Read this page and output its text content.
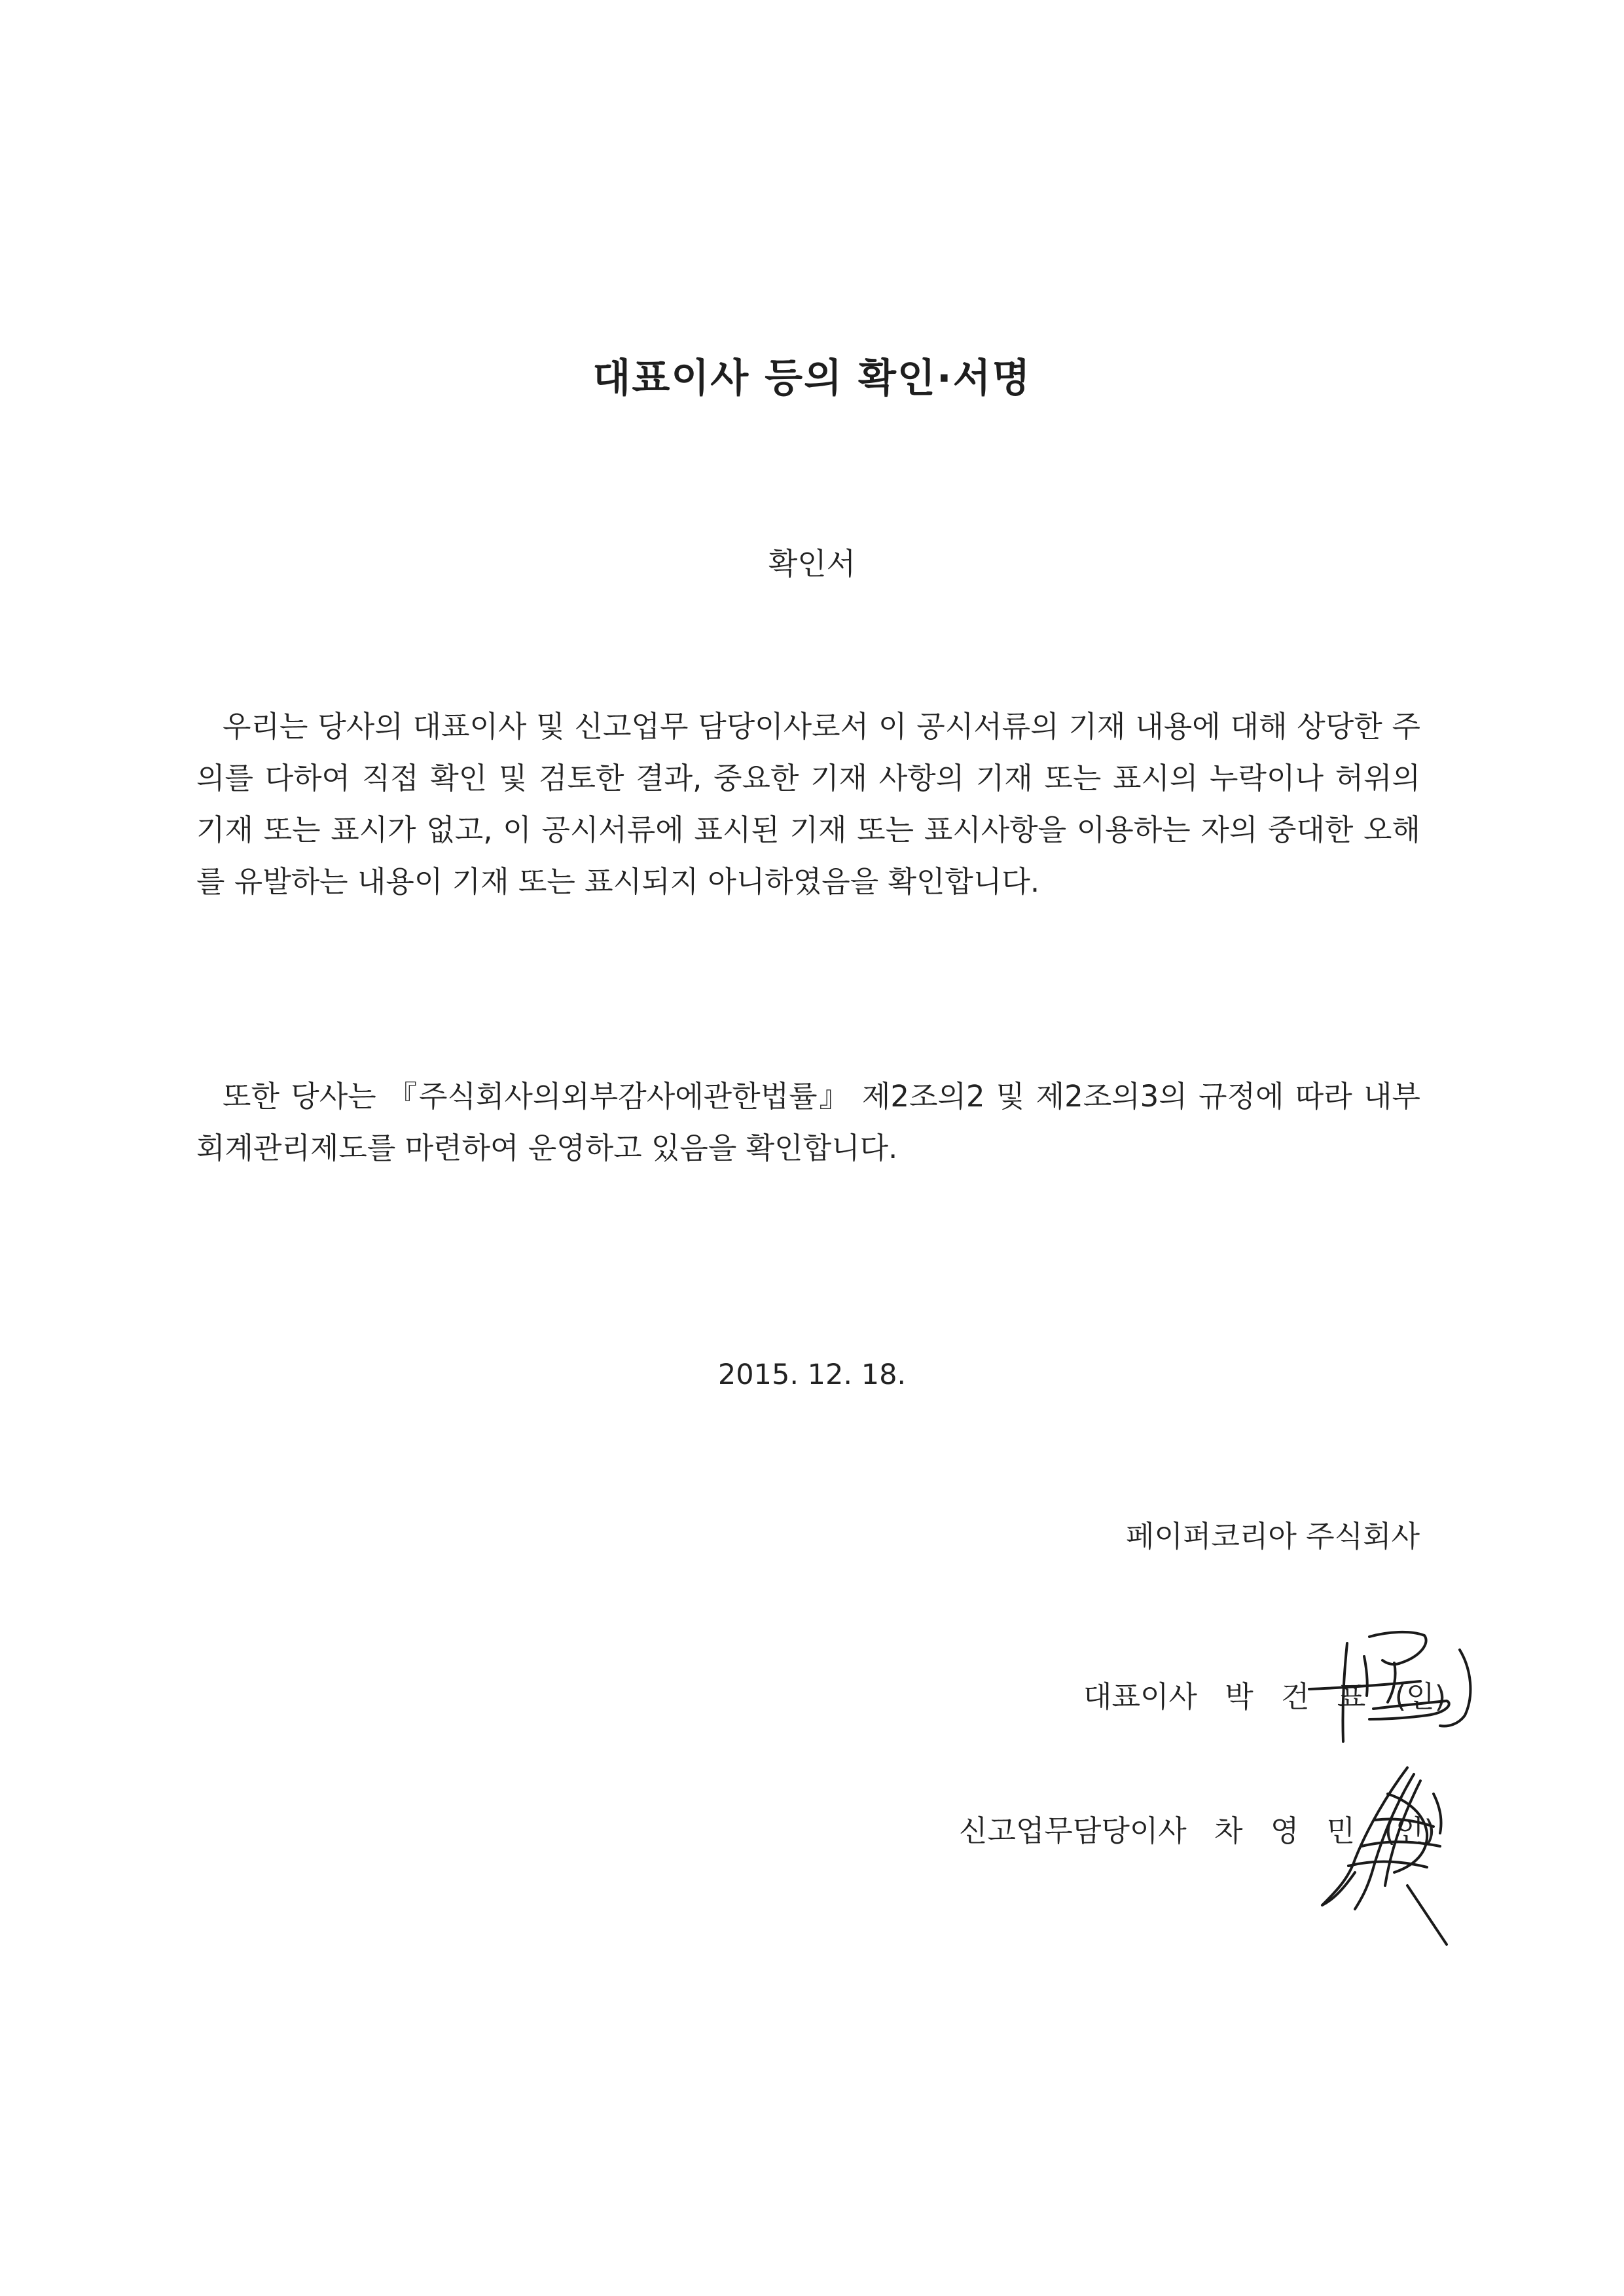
대표이사 등의 확인·서명
확인서
우리는 당사의 대표이사 및 신고업무 담당이사로서 이 공시서류의 기재 내용에 대해 상당한 주의를 다하여 직접 확인 및 검토한 결과, 중요한 기재 사항의 기재 또는 표시의 누락이나 허위의 기재 또는 표시가 없고, 이 공시서류에 표시된 기재 또는 표시사항을 이용하는 자의 중대한 오해를 유발하는 내용이 기재 또는 표시되지 아니하였음을 확인합니다.
또한 당사는 『주식회사의외부감사에관한법률』 제2조의2 및 제2조의3의 규정에 따라 내부회계관리제도를 마련하여 운영하고 있음을 확인합니다.
2015. 12. 18.
페이퍼코리아 주식회사
대표이사 박 건 표 (인)
신고업무담당이사 차 영 민 (인)
